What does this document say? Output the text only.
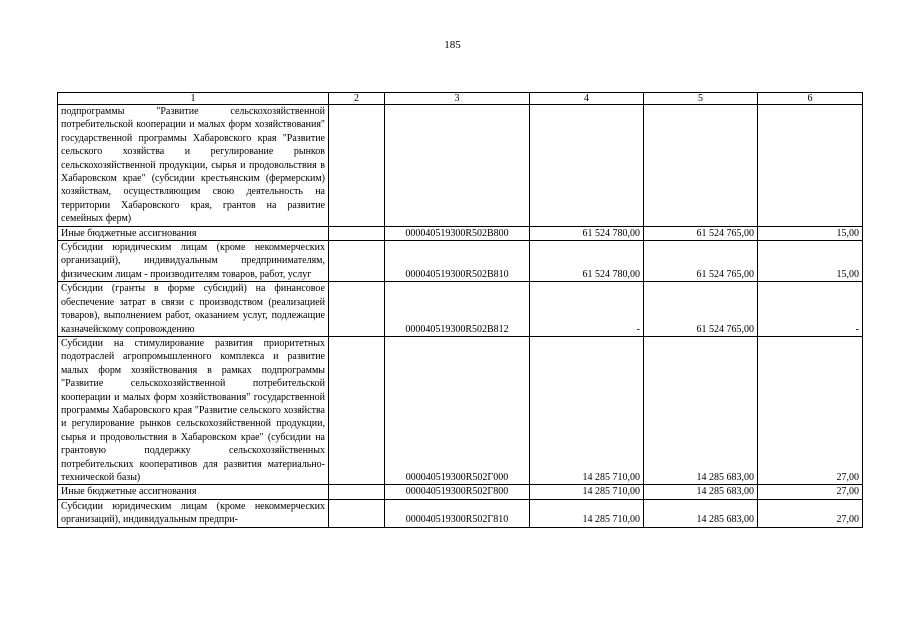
185
1	2	3	4	5	6
подпрограммы "Развитие сельскохозяйственной потребительской кооперации и малых форм хозяйствования" государственной программы Хабаровского края "Развитие сельского хозяйства и регулирование рынков сельскохозяйственной продукции, сырья и продовольствия в Хабаровском крае" (субсидии крестьянским (фермерским) хозяйствам, осуществляющим свою деятельность на территории Хабаровского края, грантов на развитие семейных ферм)					
Иные бюджетные ассигнования		000040519300R502В800	61 524 780,00	61 524 765,00	15,00
Субсидии юридическим лицам (кроме некоммерческих организаций), индивидуальным предпринимателям, физическим лицам - производителям товаров, работ, услуг		000040519300R502В810	61 524 780,00	61 524 765,00	15,00
Субсидии (гранты в форме субсидий) на финансовое обеспечение затрат в связи с производством (реализацией товаров), выполнением работ, оказанием услуг, подлежащие казначейскому сопровождению		000040519300R502В812	-	61 524 765,00	-
Субсидии на стимулирование развития приоритетных подотраслей агропромышленного комплекса и развитие малых форм хозяйствования в рамках подпрограммы "Развитие сельскохозяйственной потребительской кооперации и малых форм хозяйствования" государственной программы Хабаровского края "Развитие сельского хозяйства и регулирование рынков сельскохозяйственной продукции, сырья и продовольствия в Хабаровском крае" (субсидии на грантовую поддержку сельскохозяйственных потребительских кооперативов для развития материально-технической базы)		000040519300R502Г000	14 285 710,00	14 285 683,00	27,00
Иные бюджетные ассигнования		000040519300R502Г800	14 285 710,00	14 285 683,00	27,00
Субсидии юридическим лицам (кроме некоммерческих организаций), индивидуальным предпри-		000040519300R502Г810	14 285 710,00	14 285 683,00	27,00
